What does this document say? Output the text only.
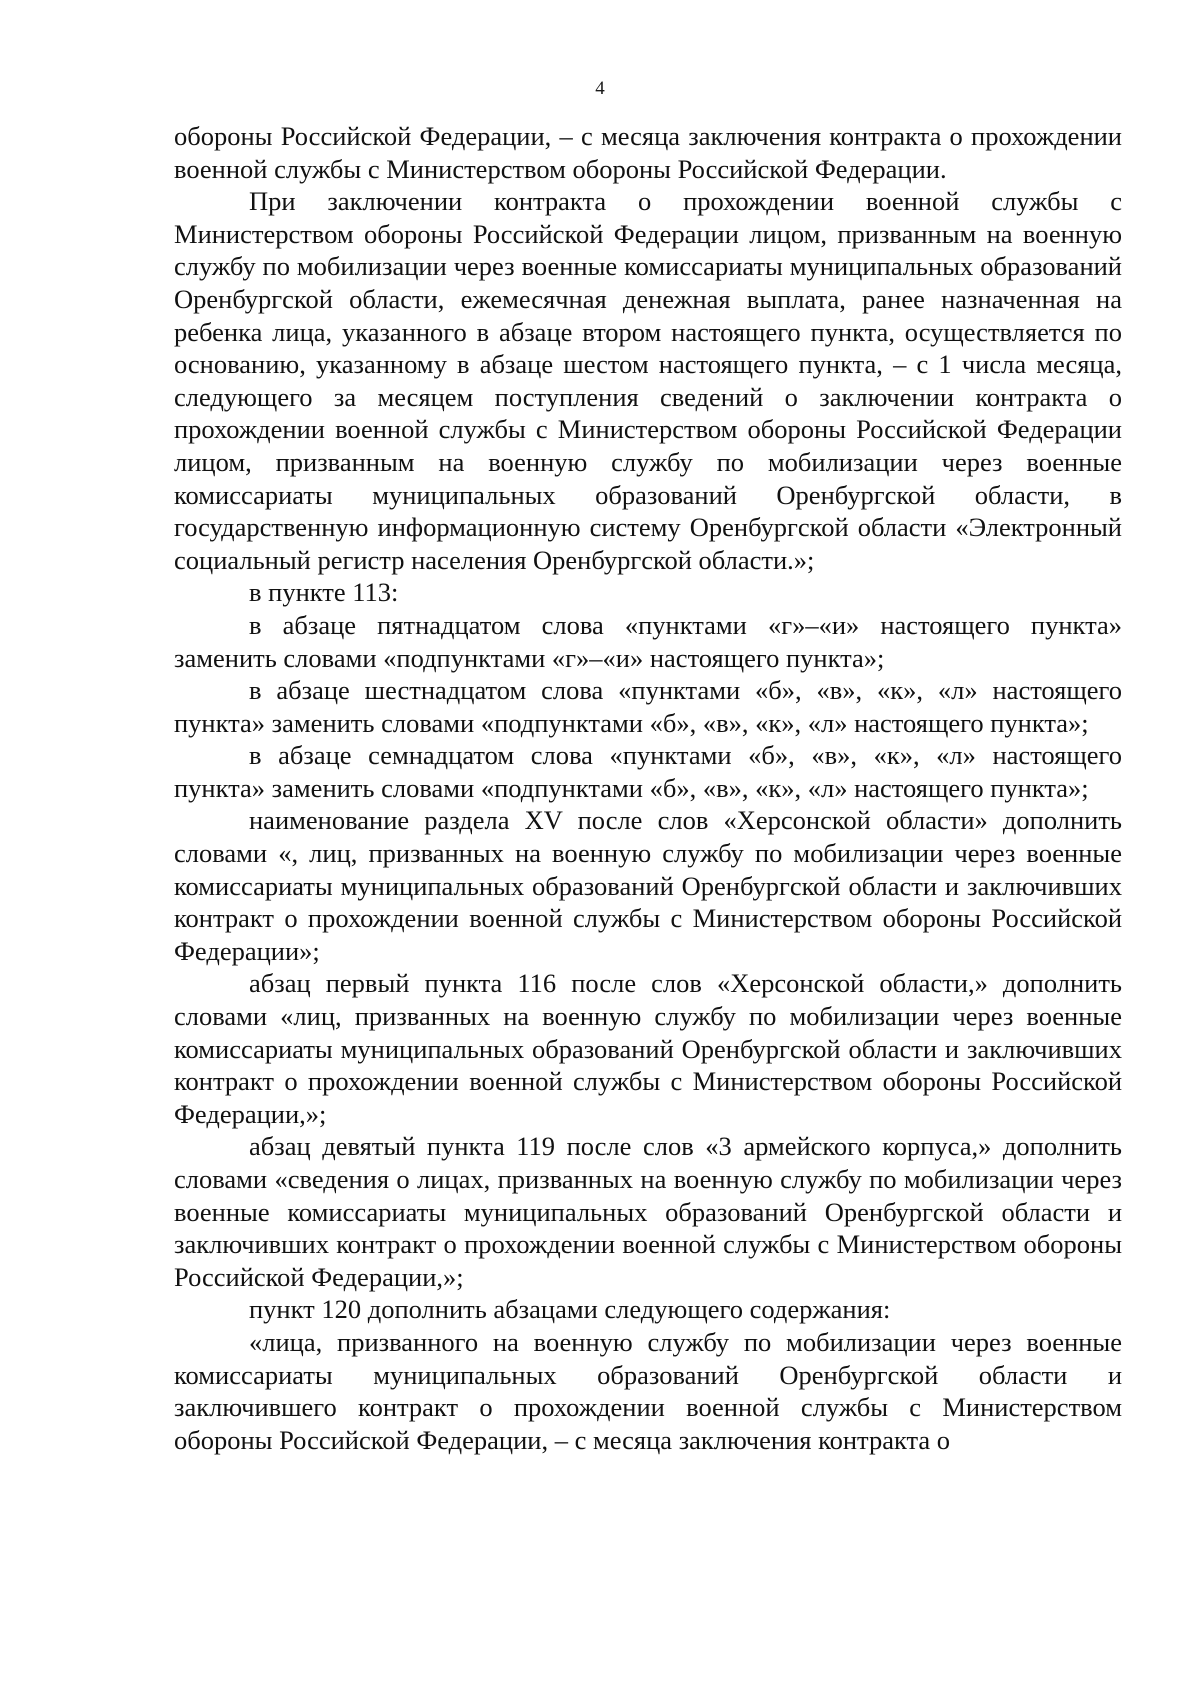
4

обороны Российской Федерации, – с месяца заключения контракта о прохождении военной службы с Министерством обороны Российской Федерации.

При заключении контракта о прохождении военной службы с Министерством обороны Российской Федерации лицом, призванным на военную службу по мобилизации через военные комиссариаты муниципальных образований Оренбургской области, ежемесячная денежная выплата, ранее назначенная на ребенка лица, указанного в абзаце втором настоящего пункта, осуществляется по основанию, указанному в абзаце шестом настоящего пункта, – с 1 числа месяца, следующего за месяцем поступления сведений о заключении контракта о прохождении военной службы с Министерством обороны Российской Федерации лицом, призванным на военную службу по мобилизации через военные комиссариаты муниципальных образований Оренбургской области, в государственную информационную систему Оренбургской области «Электронный социальный регистр населения Оренбургской области.»;

в пункте 113:

в абзаце пятнадцатом слова «пунктами «г»–«и» настоящего пункта» заменить словами «подпунктами «г»–«и» настоящего пункта»;

в абзаце шестнадцатом слова «пунктами «б», «в», «к», «л» настоящего пункта» заменить словами «подпунктами «б», «в», «к», «л» настоящего пункта»;

в абзаце семнадцатом слова «пунктами «б», «в», «к», «л» настоящего пункта» заменить словами «подпунктами «б», «в», «к», «л» настоящего пункта»;

наименование раздела XV после слов «Херсонской области» дополнить словами «, лиц, призванных на военную службу по мобилизации через военные комиссариаты муниципальных образований Оренбургской области и заключивших контракт о прохождении военной службы с Министерством обороны Российской Федерации»;

абзац первый пункта 116 после слов «Херсонской области,» дополнить словами «лиц, призванных на военную службу по мобилизации через военные комиссариаты муниципальных образований Оренбургской области и заключивших контракт о прохождении военной службы с Министерством обороны Российской Федерации,»;

абзац девятый пункта 119 после слов «3 армейского корпуса,» дополнить словами «сведения о лицах, призванных на военную службу по мобилизации через военные комиссариаты муниципальных образований Оренбургской области и заключивших контракт о прохождении военной службы с Министерством обороны Российской Федерации,»;

пункт 120 дополнить абзацами следующего содержания:

«лица, призванного на военную службу по мобилизации через военные комиссариаты муниципальных образований Оренбургской области и заключившего контракт о прохождении военной службы с Министерством обороны Российской Федерации, – с месяца заключения контракта о
